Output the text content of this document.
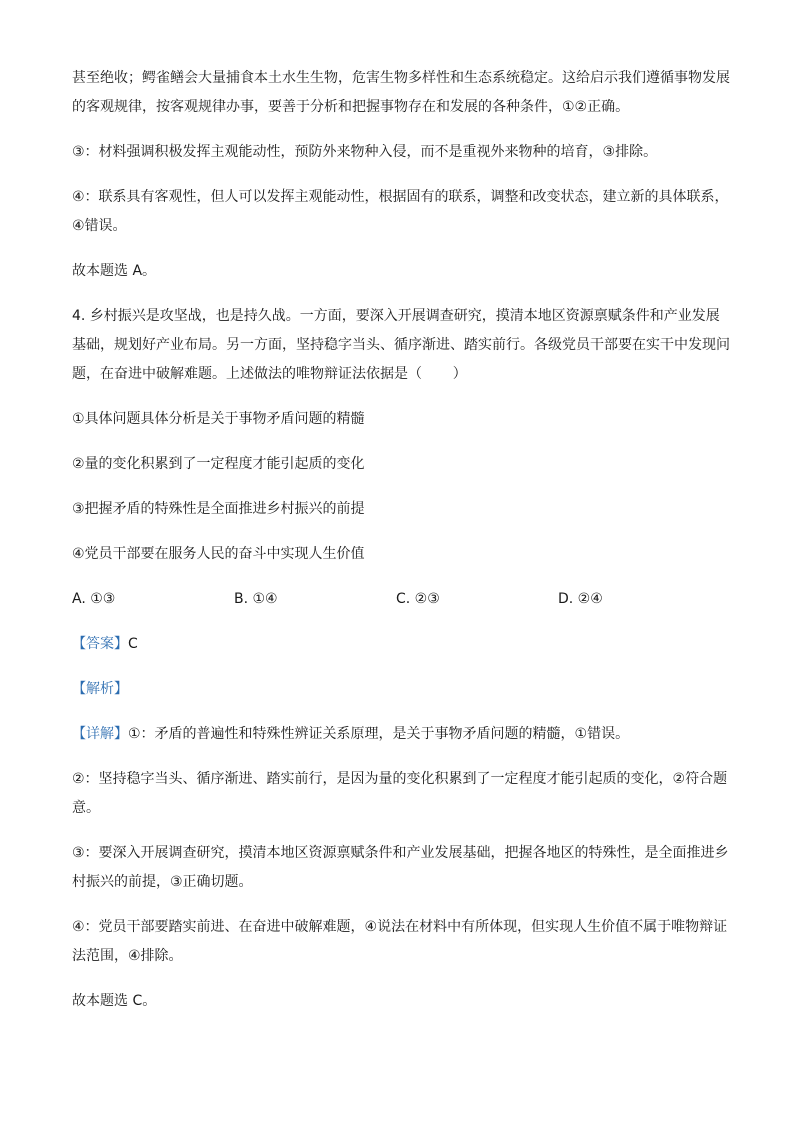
甚至绝收；鳄雀鳝会大量捕食本土水生生物，危害生物多样性和生态系统稳定。这给启示我们遵循事物发展的客观规律，按客观规律办事，要善于分析和把握事物存在和发展的各种条件，①②正确。

③：材料强调积极发挥主观能动性，预防外来物种入侵，而不是重视外来物种的培育，③排除。

④：联系具有客观性，但人可以发挥主观能动性，根据固有的联系，调整和改变状态，建立新的具体联系，④错误。

故本题选 A。

4. 乡村振兴是攻坚战，也是持久战。一方面，要深入开展调查研究，摸清本地区资源禀赋条件和产业发展基础，规划好产业布局。另一方面，坚持稳字当头、循序渐进、踏实前行。各级党员干部要在实干中发现问题，在奋进中破解难题。上述做法的唯物辩证法依据是（ ）

①具体问题具体分析是关于事物矛盾问题的精髓

②量的变化积累到了一定程度才能引起质的变化

③把握矛盾的特殊性是全面推进乡村振兴的前提

④党员干部要在服务人民的奋斗中实现人生价值

A. ①③	B. ①④	C. ②③	D. ②④

【答案】C

【解析】

【详解】①：矛盾的普遍性和特殊性辨证关系原理，是关于事物矛盾问题的精髓，①错误。

②：坚持稳字当头、循序渐进、踏实前行，是因为量的变化积累到了一定程度才能引起质的变化，②符合题意。

③：要深入开展调查研究，摸清本地区资源禀赋条件和产业发展基础，把握各地区的特殊性，是全面推进乡村振兴的前提，③正确切题。

④：党员干部要踏实前进、在奋进中破解难题，④说法在材料中有所体现，但实现人生价值不属于唯物辩证法范围，④排除。

故本题选 C。
